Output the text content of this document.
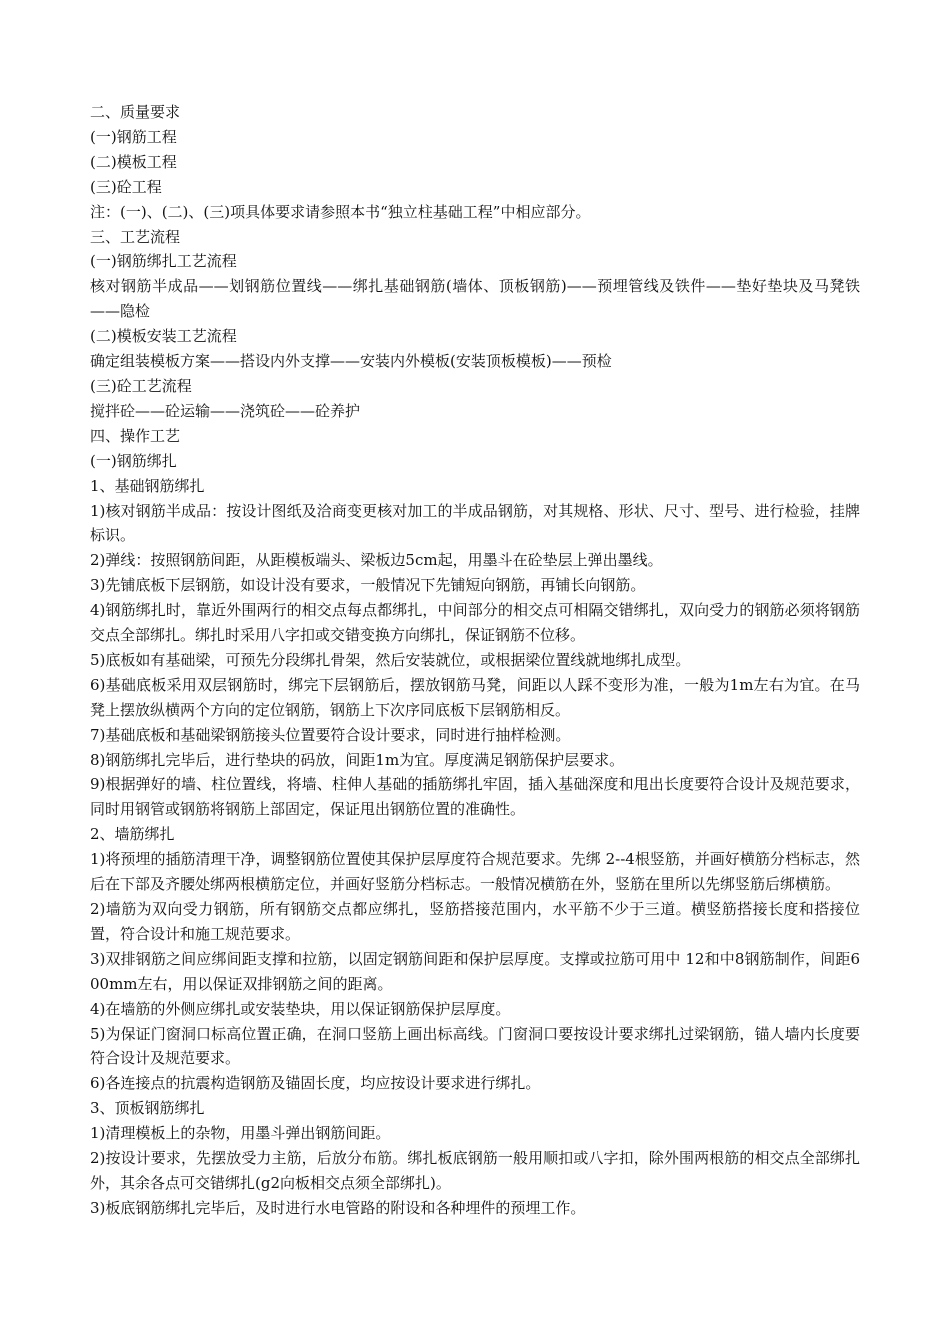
二、质量要求

(一)钢筋工程

(二)模板工程

(三)砼工程

注：(一)、(二)、(三)项具体要求请参照本书“独立柱基础工程”中相应部分。

三、工艺流程

(一)钢筋绑扎工艺流程

核对钢筋半成品——划钢筋位置线——绑扎基础钢筋(墙体、顶板钢筋)——预埋管线及铁件——垫好垫块及马凳铁——隐检

(二)模板安装工艺流程

确定组装模板方案——搭设内外支撑——安装内外模板(安装顶板模板)——预检

(三)砼工艺流程

搅拌砼——砼运输——浇筑砼——砼养护

四、操作工艺

(一)钢筋绑扎

1、基础钢筋绑扎

1)核对钢筋半成品：按设计图纸及洽商变更核对加工的半成品钢筋，对其规格、形状、尺寸、型号、进行检验，挂牌标识。

2)弹线：按照钢筋间距，从距模板端头、梁板边5cm起，用墨斗在砼垫层上弹出墨线。

3)先铺底板下层钢筋，如设计没有要求，一般情况下先铺短向钢筋，再铺长向钢筋。

4)钢筋绑扎时，靠近外围两行的相交点每点都绑扎，中间部分的相交点可相隔交错绑扎，双向受力的钢筋必须将钢筋交点全部绑扎。绑扎时采用八字扣或交错变换方向绑扎，保证钢筋不位移。

5)底板如有基础梁，可预先分段绑扎骨架，然后安装就位，或根据梁位置线就地绑扎成型。

6)基础底板采用双层钢筋时，绑完下层钢筋后，摆放钢筋马凳，间距以人踩不变形为准，一般为1m左右为宜。在马凳上摆放纵横两个方向的定位钢筋，钢筋上下次序同底板下层钢筋相反。

7)基础底板和基础梁钢筋接头位置要符合设计要求，同时进行抽样检测。

8)钢筋绑扎完毕后，进行垫块的码放，间距1m为宜。厚度满足钢筋保护层要求。

9)根据弹好的墙、柱位置线，将墙、柱伸人基础的插筋绑扎牢固，插入基础深度和甩出长度要符合设计及规范要求，同时用钢管或钢筋将钢筋上部固定，保证甩出钢筋位置的准确性。

2、墙筋绑扎

1)将预埋的插筋清理干净，调整钢筋位置使其保护层厚度符合规范要求。先绑 2--4根竖筋，并画好横筋分档标志，然后在下部及齐腰处绑两根横筋定位，并画好竖筋分档标志。一般情况横筋在外，竖筋在里所以先绑竖筋后绑横筋。

2)墙筋为双向受力钢筋，所有钢筋交点都应绑扎，竖筋搭接范围内，水平筋不少于三道。横竖筋搭接长度和搭接位置，符合设计和施工规范要求。

3)双排钢筋之间应绑间距支撑和拉筋，以固定钢筋间距和保护层厚度。支撑或拉筋可用中 12和中8钢筋制作，间距600mm左右，用以保证双排钢筋之间的距离。

4)在墙筋的外侧应绑扎或安装垫块，用以保证钢筋保护层厚度。

5)为保证门窗洞口标高位置正确，在洞口竖筋上画出标高线。门窗洞口要按设计要求绑扎过梁钢筋，锚人墙内长度要符合设计及规范要求。

6)各连接点的抗震构造钢筋及锚固长度，均应按设计要求进行绑扎。

3、顶板钢筋绑扎

1)清理模板上的杂物，用墨斗弹出钢筋间距。

2)按设计要求，先摆放受力主筋，后放分布筋。绑扎板底钢筋一般用顺扣或八字扣，除外围两根筋的相交点全部绑扎外，其余各点可交错绑扎(g2向板相交点须全部绑扎)。

3)板底钢筋绑扎完毕后，及时进行水电管路的附设和各种埋件的预埋工作。
